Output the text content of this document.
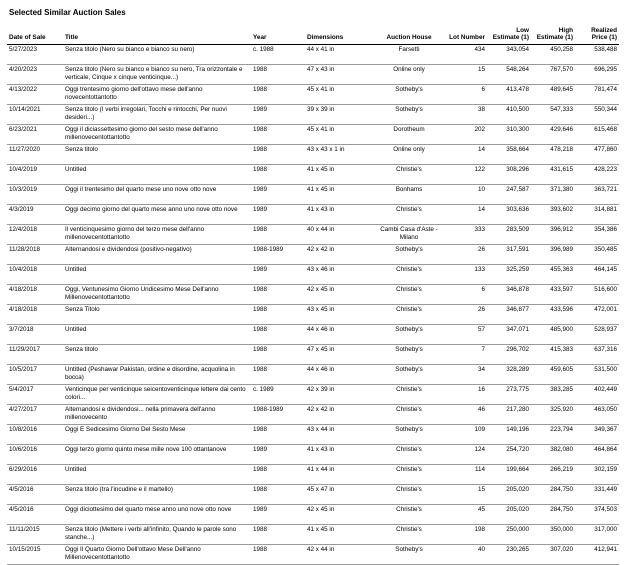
Selected Similar Auction Sales
Date of Sale	Title	Year	Dimensions	Auction House	Lot Number	Low Estimate (1)	High Estimate (1)	Realized Price (1)
5/27/2023	Senza titolo (Nero su bianco e bianco su nero)	c. 1988	44 x 41 in	Farsetti	434	343,054	450,258	538,488
4/20/2023	Senza titolo (Nero su bianco e bianco su nero, Tra orizzontale e verticale, Cinque x cinque venticinque...)	1988	47 x 43 in	Online only	15	548,264	767,570	696,295
4/13/2022	Oggi trentesimo giorno dell'ottavo mese dell'anno novecentottantotto	1988	45 x 41 in	Sotheby's	6	413,478	489,645	781,474
10/14/2021	Senza titolo (I verbi irregolari, Tocchi e rintocchi, Per nuovi desideri...)	1989	39 x 39 in	Sotheby's	38	410,500	547,333	550,344
6/23/2021	Oggi il diciassettesimo giorno del sesto mese dell'anno millenovecentottantotto	1988	45 x 41 in	Dorotheum	202	310,300	429,646	615,468
11/27/2020	Senza titolo	1988	43 x 43 x 1 in	Online only	14	358,664	478,218	477,860
10/4/2019	Untitled	1988	41 x 45 in	Christie's	122	308,296	431,615	428,223
10/3/2019	Oggi il trentesimo del quarto mese uno nove otto nove	1989	41 x 45 in	Bonhams	10	247,587	371,380	363,721
4/3/2019	Oggi decimo giorno del quarto mese anno uno nove otto nove	1989	41 x 43 in	Christie's	14	303,636	393,602	314,881
12/4/2018	Il venticinquesimo giorno del terzo mese dell'anno millenovecentottantotto	1988	40 x 44 in	Cambi Casa d'Aste - Milano	333	283,509	396,912	354,386
11/28/2018	Alternandosi e dividendosi (positivo-negativo)	1988-1989	42 x 42 in	Sotheby's	26	317,591	396,989	350,485
10/4/2018	Untitled	1989	43 x 46 in	Christie's	133	325,259	455,363	464,145
4/18/2018	Oggi, Ventunesimo Giorno Undicesimo Mese Dell'anno Millenovecentottantotto	1988	42 x 45 in	Christie's	6	346,878	433,597	516,600
4/18/2018	Senza Titolo	1988	43 x 45 in	Christie's	26	346,877	433,596	472,001
3/7/2018	Untitled	1988	44 x 46 in	Sotheby's	57	347,071	485,900	528,937
11/29/2017	Senza titolo	1988	47 x 45 in	Sotheby's	7	296,702	415,383	637,316
10/5/2017	Untitled (Peshawar Pakistan, ordine e disordine, acquolina in bocca)	1988	44 x 46 in	Sotheby's	34	328,289	459,605	531,500
5/4/2017	Venticinque per venticinque seicentoventicinque lettere dai cento colori...	c. 1989	42 x 39 in	Christie's	16	273,775	383,285	402,449
4/27/2017	Alternandosi e dividendosi... nella primavera dell'anno millenovecento	1988-1989	42 x 42 in	Christie's	46	217,280	325,920	463,050
10/8/2016	Oggi E Sedicesimo Giorno Del Sesto Mese	1988	43 x 44 in	Sotheby's	109	149,196	223,794	349,367
10/6/2016	Oggi terzo giorno quinto mese mille nove 100 ottantanove	1989	41 x 43 in	Christie's	124	254,720	382,080	464,864
6/29/2016	Untitled	1988	41 x 44 in	Christie's	114	199,664	266,219	302,159
4/5/2016	Senza titolo (tra l'incudine e il martello)	1988	45 x 47 in	Christie's	15	205,020	284,750	331,449
4/5/2016	Oggi diciottesimo del quarto mese anno uno nove otto nove	1989	42 x 45 in	Christie's	45	205,020	284,750	374,503
11/11/2015	Senza titolo (Mettere i verbi all'infinito, Quando le parole sono stanche...)	1988	41 x 45 in	Christie's	198	250,000	350,000	317,000
10/15/2015	Oggi Il Quarto Giorno Dell'ottavo Mese Dell'anno Millenovecentottantotto	1988	42 x 44 in	Sotheby's	40	230,265	307,020	412,941
